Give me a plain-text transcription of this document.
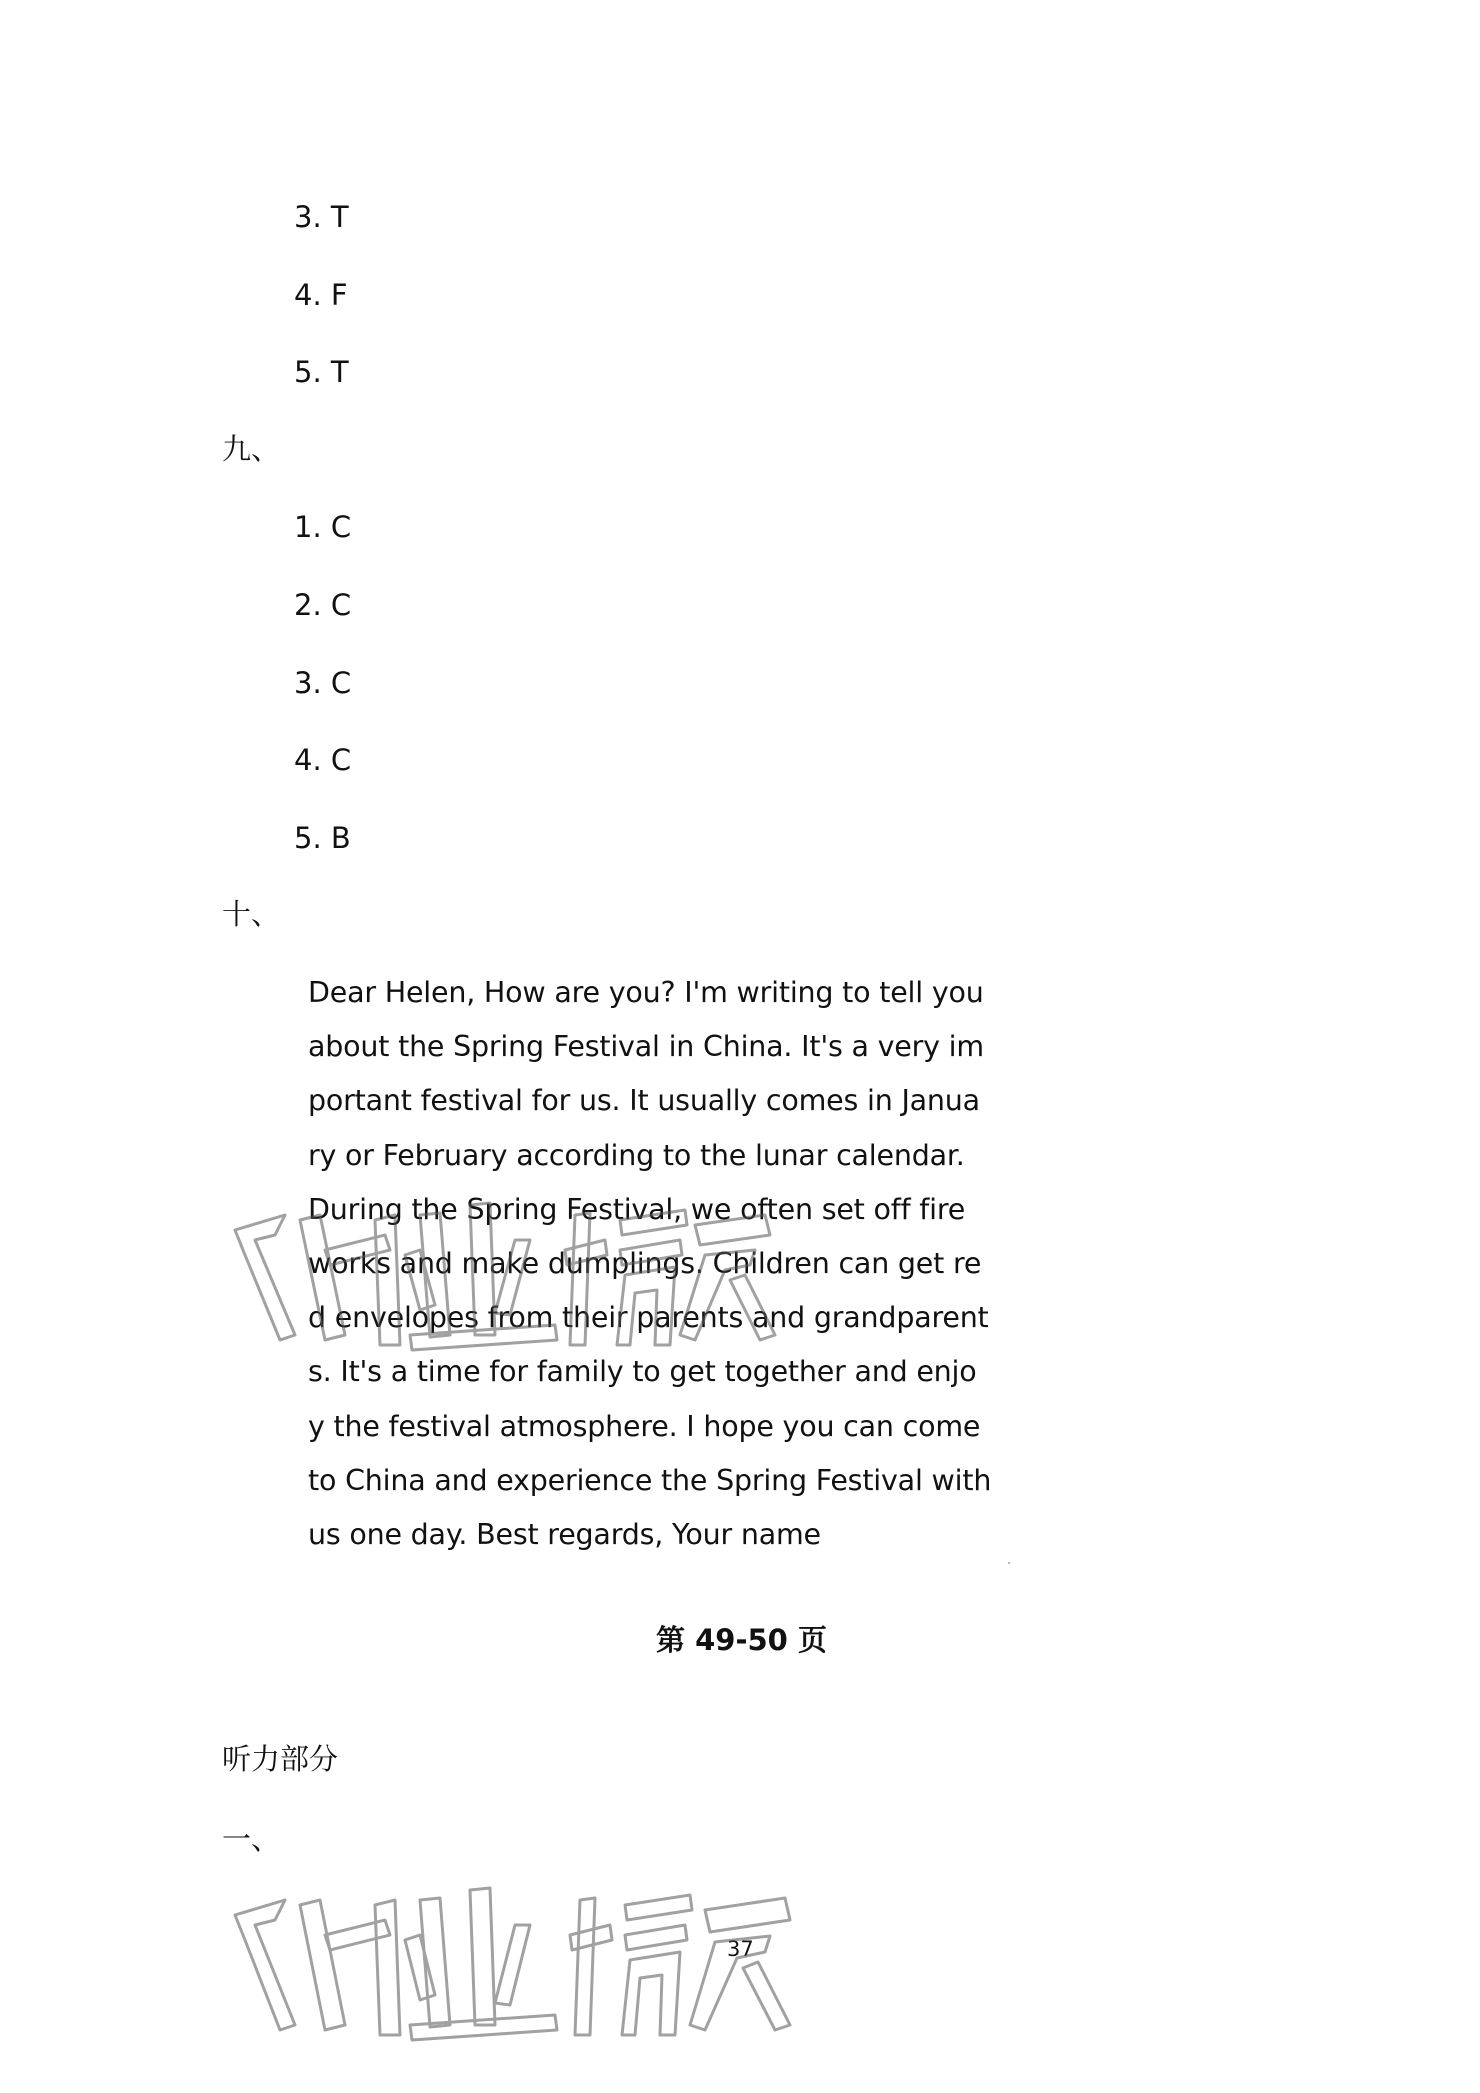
3. T
4. F
5. T
九、
1. C
2. C
3. C
4. C
5. B
十、
Dear Helen, How are you? I'm writing to tell you
about the Spring Festival in China. It's a very im
portant festival for us. It usually comes in Janua
ry or February according to the lunar calendar.
During the Spring Festival, we often set off fire
works and make dumplings. Children can get re
d envelopes from their parents and grandparent
s. It's a time for family to get together and enjo
y the festival atmosphere. I hope you can come
to China and experience the Spring Festival with
us one day. Best regards, Your name
第 49-50 页
听力部分
一、
37
